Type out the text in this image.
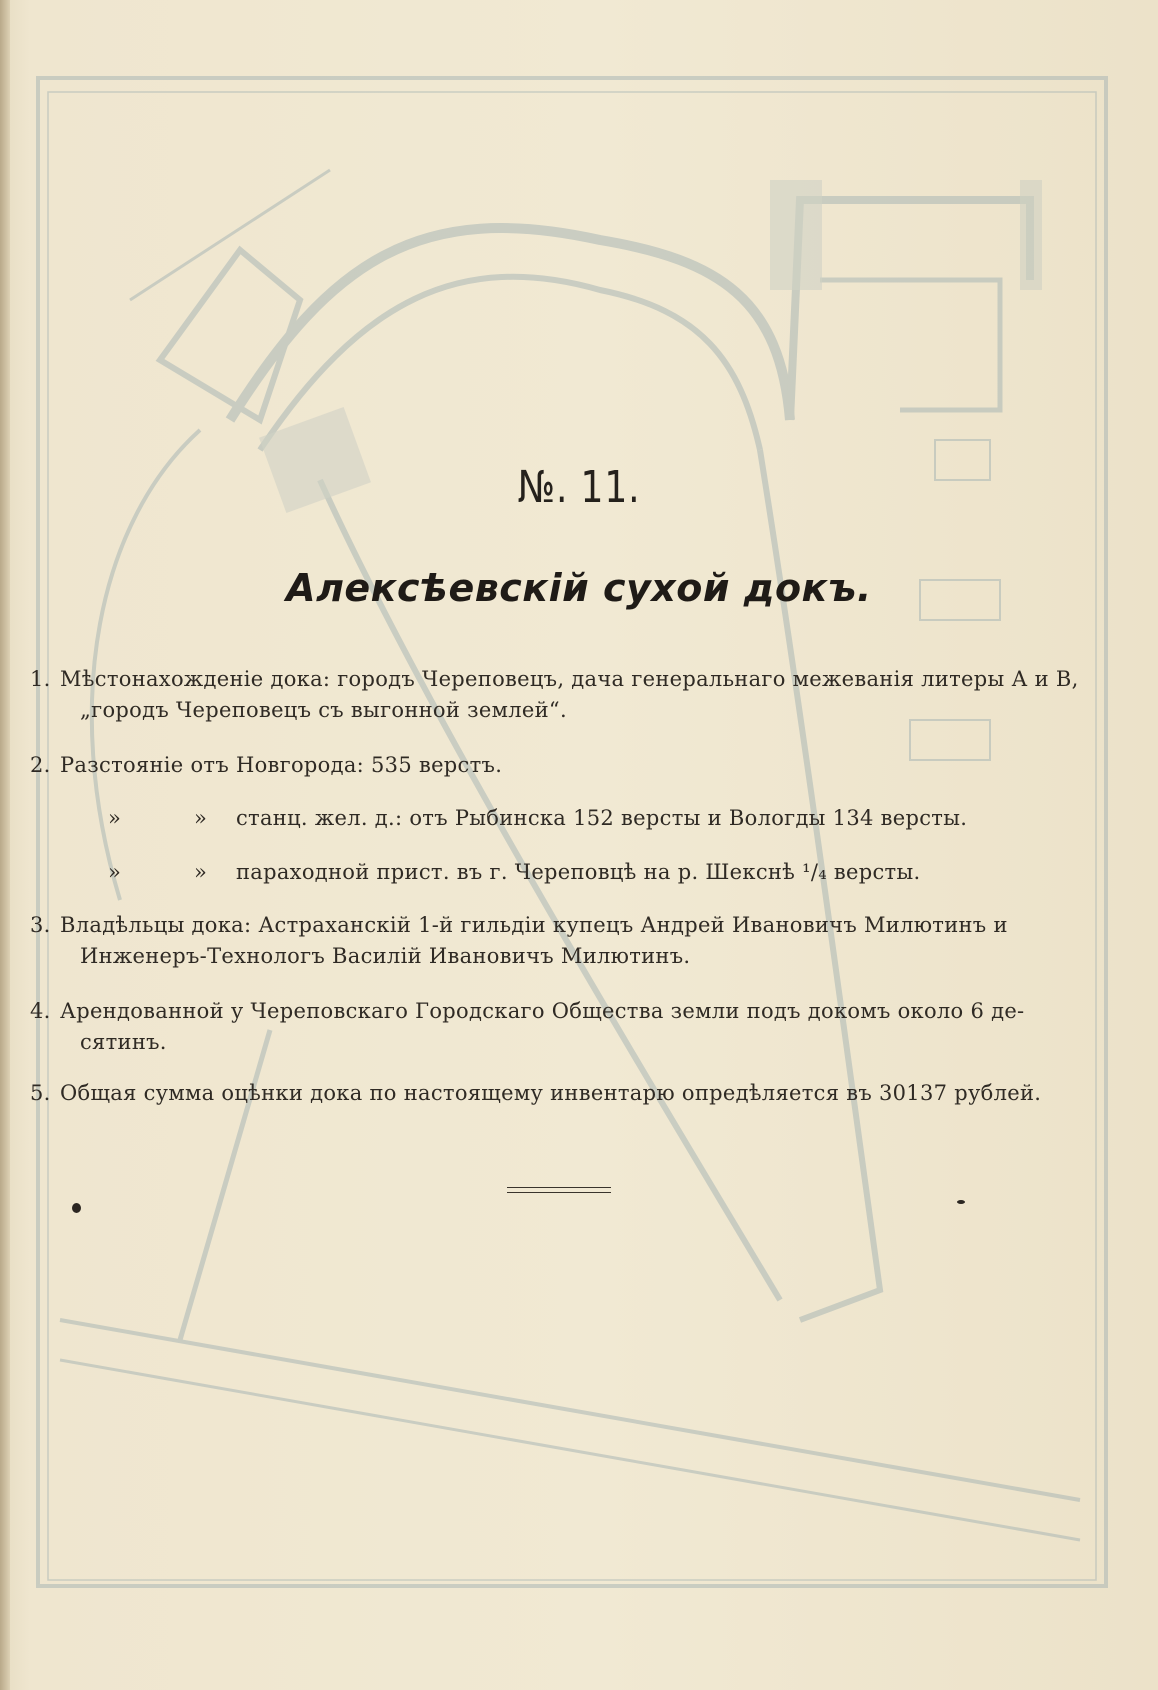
№. 11.
Алексѣевскій сухой докъ.
1. Мѣстонахожденіе дока: городъ Череповецъ, дача генеральнаго межеванія литеры А и В,
„городъ Череповецъ съ выгонной землей“.
2. Разстояніе отъ Новгорода: 535 верстъ.
»	» станц. жел. д.: отъ Рыбинска 152 версты и Вологды 134 версты.
»	» параходной прист. въ г. Череповцѣ на р. Шекснѣ ¹/₄ версты.
3. Владѣльцы дока: Астраханскій 1-й гильдіи купецъ Андрей Ивановичъ Милютинъ и
Инженеръ-Технологъ Василій Ивановичъ Милютинъ.
4. Арендованной у Череповскаго Городскаго Общества земли подъ докомъ около 6 де-
сятинъ.
5. Общая сумма оцѣнки дока по настоящему инвентарю опредѣляется въ 30137 рублей.
